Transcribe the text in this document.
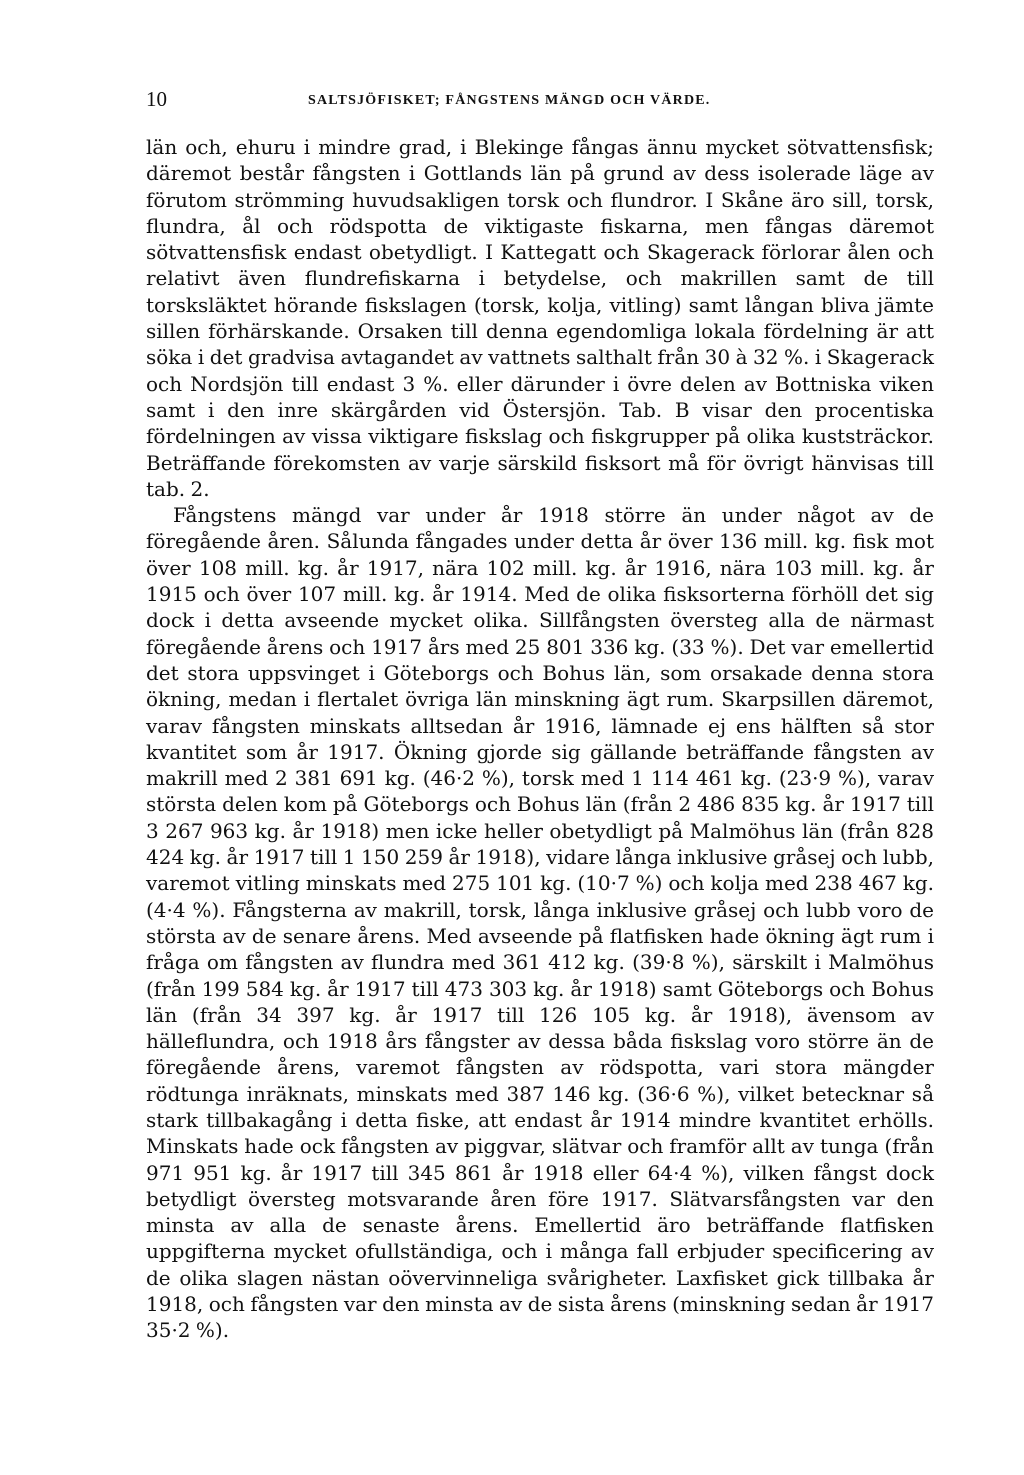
10	SALTSJÖFISKET; FÅNGSTENS MÄNGD OCH VÄRDE.

län och, ehuru i mindre grad, i Blekinge fångas ännu mycket sötvattensfisk; däremot består fångsten i Gottlands län på grund av dess isolerade läge av förutom strömming huvudsakligen torsk och flundror. I Skåne äro sill, torsk, flundra, ål och rödspotta de viktigaste fiskarna, men fångas däremot sötvattensfisk endast obetydligt. I Kattegatt och Skagerack förlorar ålen och relativt även flundrefiskarna i betydelse, och makrillen samt de till torsksläktet hörande fiskslagen (torsk, kolja, vitling) samt långan bliva jämte sillen förhärskande. Orsaken till denna egendomliga lokala fördelning är att söka i det gradvisa avtagandet av vattnets salthalt från 30 à 32 %. i Skagerack och Nordsjön till endast 3 %. eller därunder i övre delen av Bottniska viken samt i den inre skärgården vid Östersjön. Tab. B visar den procentiska fördelningen av vissa viktigare fiskslag och fiskgrupper på olika kuststräckor. Beträffande förekomsten av varje särskild fisksort må för övrigt hänvisas till tab. 2.

Fångstens mängd var under år 1918 större än under något av de föregående åren. Sålunda fångades under detta år över 136 mill. kg. fisk mot över 108 mill. kg. år 1917, nära 102 mill. kg. år 1916, nära 103 mill. kg. år 1915 och över 107 mill. kg. år 1914. Med de olika fisksorterna förhöll det sig dock i detta avseende mycket olika. Sillfångsten översteg alla de närmast föregående årens och 1917 års med 25 801 336 kg. (33 %). Det var emellertid det stora uppsvinget i Göteborgs och Bohus län, som orsakade denna stora ökning, medan i flertalet övriga län minskning ägt rum. Skarpsillen däremot, varav fångsten minskats alltsedan år 1916, lämnade ej ens hälften så stor kvantitet som år 1917. Ökning gjorde sig gällande beträffande fångsten av makrill med 2 381 691 kg. (46·2 %), torsk med 1 114 461 kg. (23·9 %), varav största delen kom på Göteborgs och Bohus län (från 2 486 835 kg. år 1917 till 3 267 963 kg. år 1918) men icke heller obetydligt på Malmöhus län (från 828 424 kg. år 1917 till 1 150 259 år 1918), vidare långa inklusive gråsej och lubb, varemot vitling minskats med 275 101 kg. (10·7 %) och kolja med 238 467 kg. (4·4 %). Fångsterna av makrill, torsk, långa inklusive gråsej och lubb voro de största av de senare årens. Med avseende på flatfisken hade ökning ägt rum i fråga om fångsten av flundra med 361 412 kg. (39·8 %), särskilt i Malmöhus (från 199 584 kg. år 1917 till 473 303 kg. år 1918) samt Göteborgs och Bohus län (från 34 397 kg. år 1917 till 126 105 kg. år 1918), ävensom av hälleflundra, och 1918 års fångster av dessa båda fiskslag voro större än de föregående årens, varemot fångsten av rödspotta, vari stora mängder rödtunga inräknats, minskats med 387 146 kg. (36·6 %), vilket betecknar så stark tillbakagång i detta fiske, att endast år 1914 mindre kvantitet erhölls. Minskats hade ock fångsten av piggvar, slätvar och framför allt av tunga (från 971 951 kg. år 1917 till 345 861 år 1918 eller 64·4 %), vilken fångst dock betydligt översteg motsvarande åren före 1917. Slätvarsfångsten var den minsta av alla de senaste årens. Emellertid äro beträffande flatfisken uppgifterna mycket ofullständiga, och i många fall erbjuder specificering av de olika slagen nästan oövervinneliga svårigheter. Laxfisket gick tillbaka år 1918, och fångsten var den minsta av de sista årens (minskning sedan år 1917 35·2 %).
